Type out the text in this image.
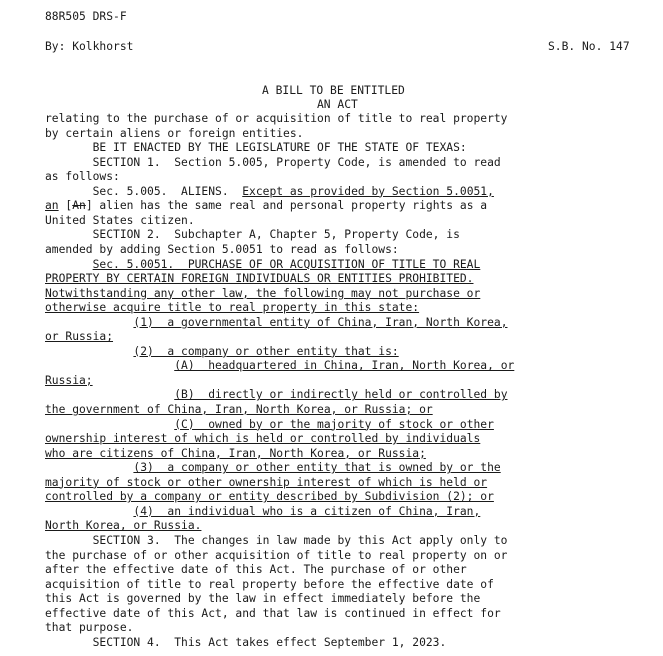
88R505 DRS-F
By: Kolkhorst	S.B. No. 147
A BILL TO BE ENTITLED
AN ACT
relating to the purchase of or acquisition of title to real property
by certain aliens or foreign entities.
BE IT ENACTED BY THE LEGISLATURE OF THE STATE OF TEXAS:
SECTION 1.  Section 5.005, Property Code, is amended to read
as follows:
Sec. 5.005.  ALIENS.  Except as provided by Section 5.0051,
an [An] alien has the same real and personal property rights as a
United States citizen.
SECTION 2.  Subchapter A, Chapter 5, Property Code, is
amended by adding Section 5.0051 to read as follows:
Sec. 5.0051.  PURCHASE OF OR ACQUISITION OF TITLE TO REAL
PROPERTY BY CERTAIN FOREIGN INDIVIDUALS OR ENTITIES PROHIBITED.
Notwithstanding any other law, the following may not purchase or
otherwise acquire title to real property in this state:
(1)  a governmental entity of China, Iran, North Korea,
or Russia;
(2)  a company or other entity that is:
(A)  headquartered in China, Iran, North Korea, or
Russia;
(B)  directly or indirectly held or controlled by
the government of China, Iran, North Korea, or Russia; or
(C)  owned by or the majority of stock or other
ownership interest of which is held or controlled by individuals
who are citizens of China, Iran, North Korea, or Russia;
(3)  a company or other entity that is owned by or the
majority of stock or other ownership interest of which is held or
controlled by a company or entity described by Subdivision (2); or
(4)  an individual who is a citizen of China, Iran,
North Korea, or Russia.
SECTION 3.  The changes in law made by this Act apply only to
the purchase of or other acquisition of title to real property on or
after the effective date of this Act. The purchase of or other
acquisition of title to real property before the effective date of
this Act is governed by the law in effect immediately before the
effective date of this Act, and that law is continued in effect for
that purpose.
SECTION 4.  This Act takes effect September 1, 2023.
